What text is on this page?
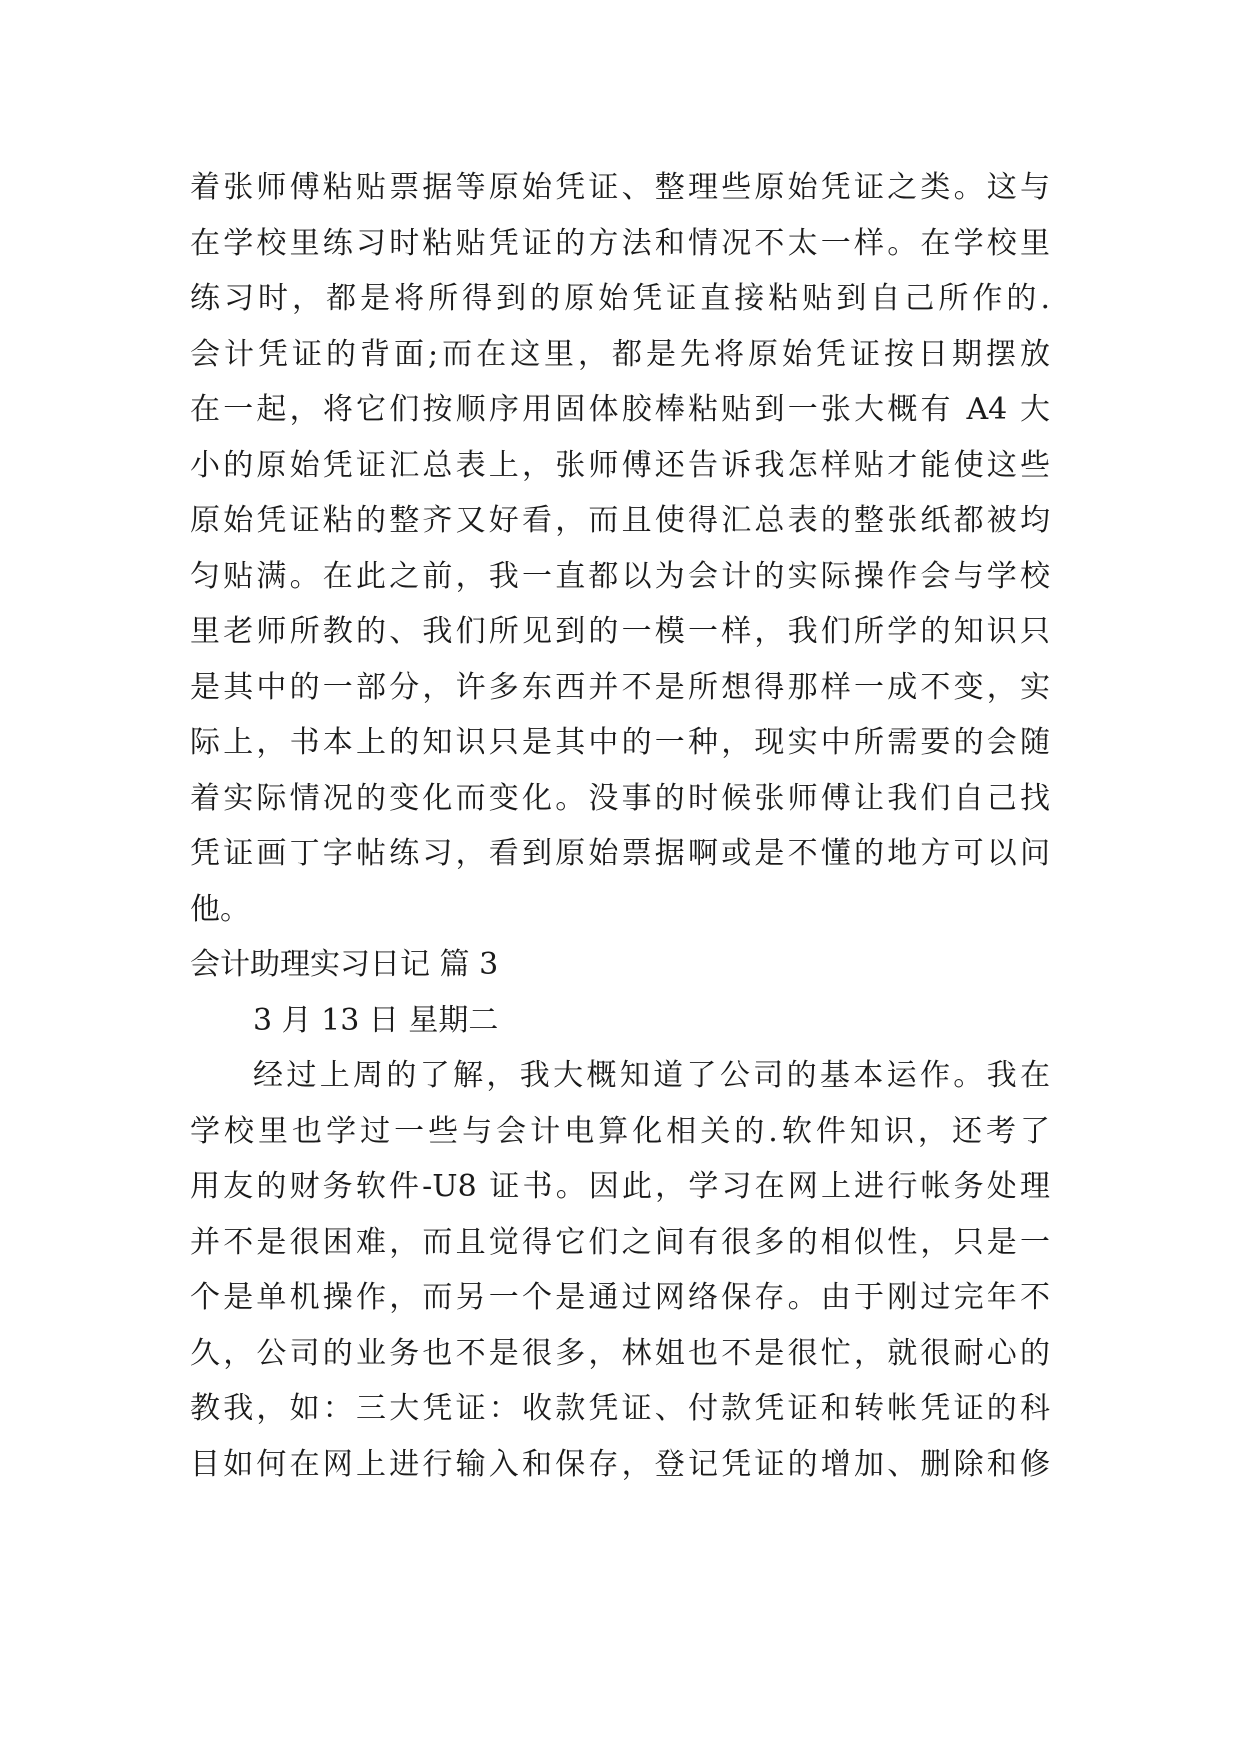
着张师傅粘贴票据等原始凭证、整理些原始凭证之类。这与
在学校里练习时粘贴凭证的方法和情况不太一样。在学校里
练习时，都是将所得到的原始凭证直接粘贴到自己所作的.
会计凭证的背面;而在这里，都是先将原始凭证按日期摆放
在一起，将它们按顺序用固体胶棒粘贴到一张大概有 A4 大
小的原始凭证汇总表上，张师傅还告诉我怎样贴才能使这些
原始凭证粘的整齐又好看，而且使得汇总表的整张纸都被均
匀贴满。在此之前，我一直都以为会计的实际操作会与学校
里老师所教的、我们所见到的一模一样，我们所学的知识只
是其中的一部分，许多东西并不是所想得那样一成不变，实
际上，书本上的知识只是其中的一种，现实中所需要的会随
着实际情况的变化而变化。没事的时候张师傅让我们自己找
凭证画丁字帖练习，看到原始票据啊或是不懂的地方可以问
他。
会计助理实习日记 篇 3
3 月 13 日 星期二
经过上周的了解，我大概知道了公司的基本运作。我在
学校里也学过一些与会计电算化相关的.软件知识，还考了
用友的财务软件-U8 证书。因此，学习在网上进行帐务处理
并不是很困难，而且觉得它们之间有很多的相似性，只是一
个是单机操作，而另一个是通过网络保存。由于刚过完年不
久，公司的业务也不是很多，林姐也不是很忙，就很耐心的
教我，如：三大凭证：收款凭证、付款凭证和转帐凭证的科
目如何在网上进行输入和保存，登记凭证的增加、删除和修
